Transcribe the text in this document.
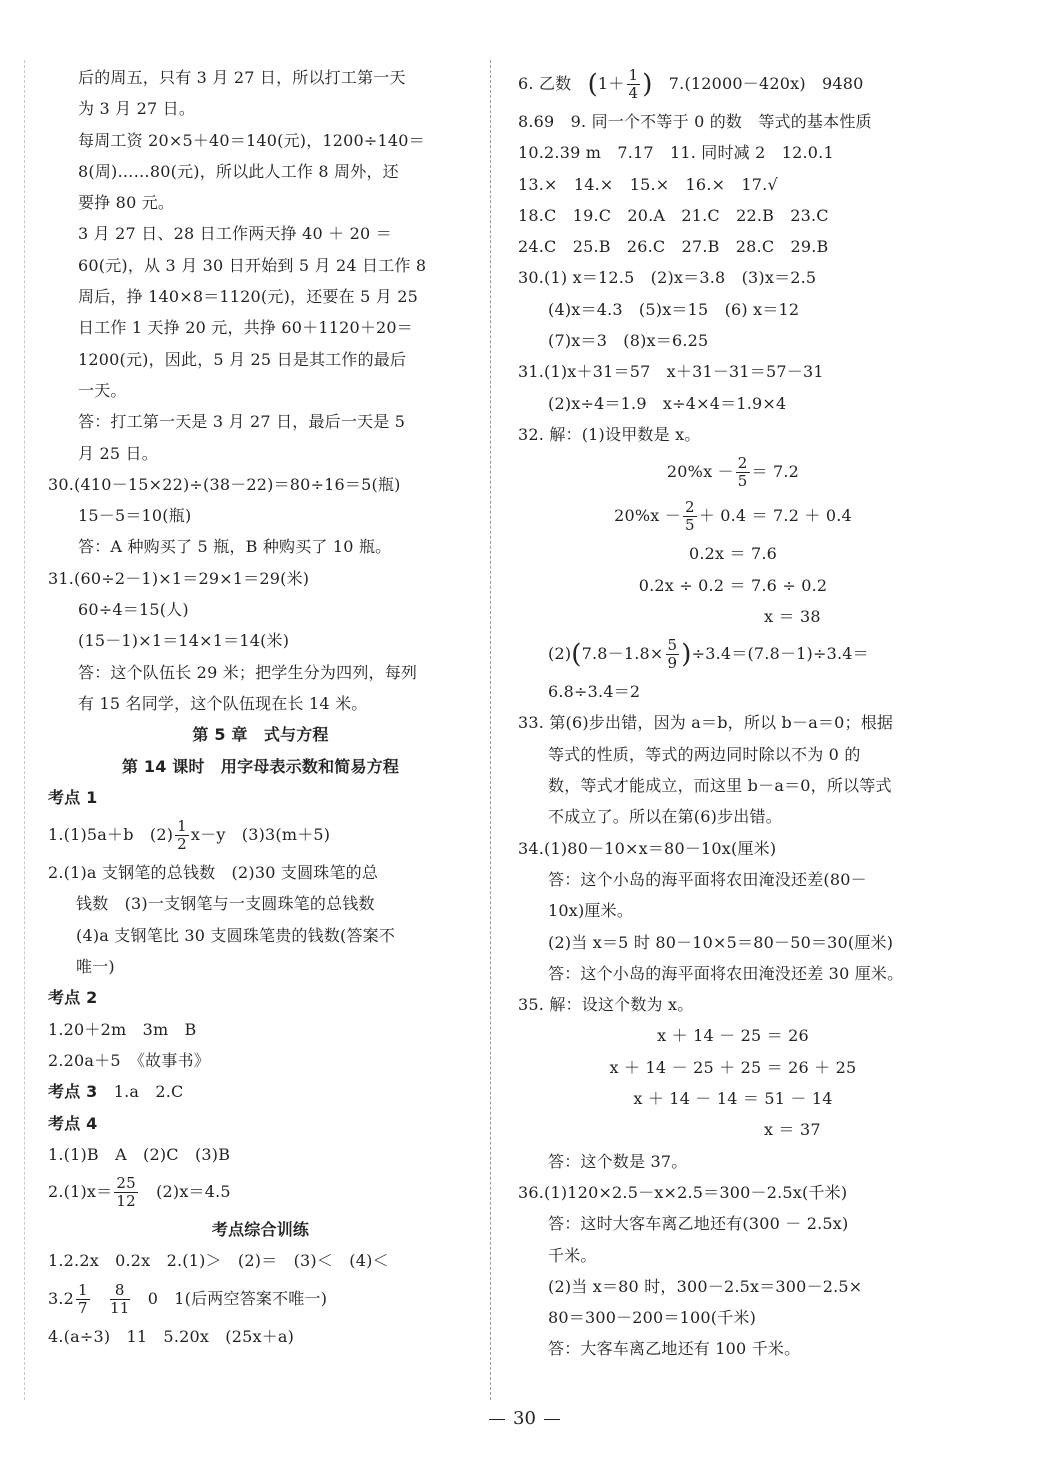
后的周五，只有 3 月 27 日，所以打工第一天
为 3 月 27 日。
每周工资 20×5＋40＝140(元)，1200÷140＝
8(周)……80(元)，所以此人工作 8 周外，还
要挣 80 元。
3 月 27 日、28 日工作两天挣 40 ＋ 20 ＝
60(元)，从 3 月 30 日开始到 5 月 24 日工作 8
周后，挣 140×8＝1120(元)，还要在 5 月 25
日工作 1 天挣 20 元，共挣 60＋1120＋20＝
1200(元)，因此，5 月 25 日是其工作的最后
一天。
答：打工第一天是 3 月 27 日，最后一天是 5
月 25 日。
30.(410－15×22)÷(38－22)＝80÷16＝5(瓶)
15－5＝10(瓶)
答：A 种购买了 5 瓶，B 种购买了 10 瓶。
31.(60÷2－1)×1＝29×1＝29(米)
60÷4＝15(人)
(15－1)×1＝14×1＝14(米)
答：这个队伍长 29 米；把学生分为四列，每列
有 15 名同学，这个队伍现在长 14 米。
第 5 章　式与方程
第 14 课时　用字母表示数和简易方程
考点 1
1.(1)5a＋b　$(2) \frac{1}{2} x-y$　(3)3(m＋5)
2.(1)a 支钢笔的总钱数　(2)30 支圆珠笔的总
钱数　(3)一支钢笔与一支圆珠笔的总钱数
(4)a 支钢笔比 30 支圆珠笔贵的钱数(答案不
唯一)
考点 2
1.20＋2m　3m　B
2.20a＋5　《故事书》
考点 3　 1.a　2.C
考点 4
1.(1)B　A　(2)C　(3)B
$2.(1)x= \frac{25}{12}$
　 (2)x＝4.5
考点综合训练
1.2.2x　0.2x　2.(1)＞　(2)＝　(3)＜　(4)＜
$3.2 \frac{1}{7}$
　 $\frac{8}{11}$
　 0　1(后两空答案不唯一)
4.(a÷3)　11　5.20x　(25x＋a)
6. 乙数　 ($1+ \frac{1}{4}$ )　 7.(12000－420x)　9480
8.69　9. 同一个不等于 0 的数　等式的基本性质
10.2.39 m　7.17　11. 同时减 2　12.0.1
13.×　14.×　15.×　16.×　17.√
18.C　19.C　20.A　21.C　22.B　23.C
24.C　25.B　26.C　27.B　28.C　29.B
30.(1) x＝12.5　(2)x＝3.8　(3)x＝2.5
(4)x＝4.3　(5)x＝15　(6) x＝12
(7)x＝3　(8)x＝6.25
31.(1)x＋31＝57　x＋31－31＝57－31
(2)x÷4＝1.9　x÷4×4＝1.9×4
32. 解：(1)设甲数是 x。
$20\%x - \frac{2}{5} = 7.2$
$20\%x - \frac{2}{5} + 0.4 = 7.2 + 0.4$
0.2x ＝ 7.6
0.2x ÷ 0.2 ＝ 7.6 ÷ 0.2
x ＝ 38
$(2)(7.8-1.8\times \frac{5}{9} )\div 3.4=(7.8-1)\div 3.4=$
6.8÷3.4＝2
33. 第(6)步出错，因为 a＝b，所以 b－a＝0；根据
等式的性质，等式的两边同时除以不为 0 的
数，等式才能成立，而这里 b－a＝0，所以等式
不成立了。所以在第(6)步出错。
34.(1)80－10×x＝80－10x(厘米)
答：这个小岛的海平面将农田淹没还差(80－
10x)厘米。
(2)当 x＝5 时 80－10×5＝80－50＝30(厘米)
答：这个小岛的海平面将农田淹没还差 30 厘米。
35. 解：设这个数为 x。
x ＋ 14 － 25 ＝ 26
x ＋ 14 － 25 ＋ 25 ＝ 26 ＋ 25
x ＋ 14 － 14 ＝ 51 － 14
x ＝ 37
答：这个数是 37。
36.(1)120×2.5－x×2.5＝300－2.5x(千米)
答：这时大客车离乙地还有(300 － 2.5x)
千米。
(2)当 x＝80 时，300－2.5x＝300－2.5×
80＝300－200＝100(千米)
答：大客车离乙地还有 100 千米。
30
